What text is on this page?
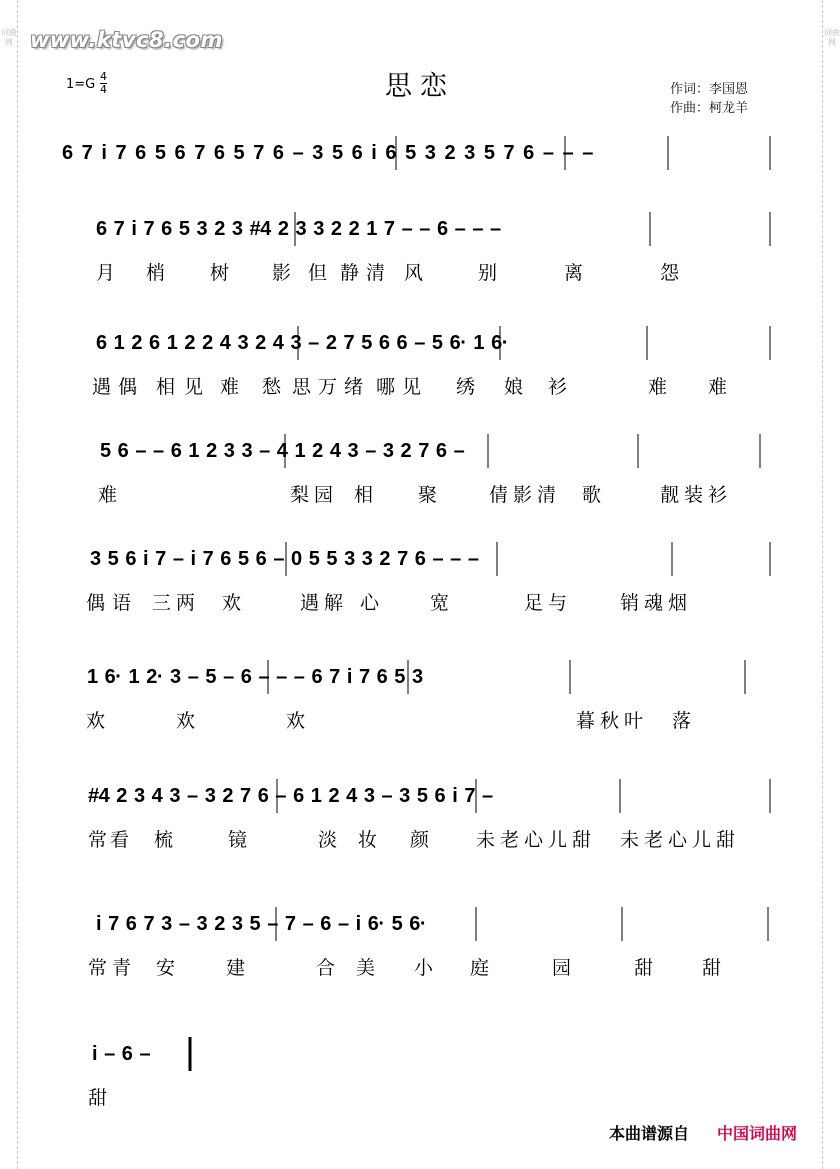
词曲网
词曲网
www.ktvc8.com
思恋
$1=G \frac{4}{4}$	作词：李国恩
作曲：柯龙羊
6 7 i 7 6 5 6 7 6 5 7 6 – 3 5 6 i 6 5 3 2 3 5 7 6 – – –
6 7 i 7 6 5 3 2 3 #4 2 3 3 2 2 1 7 – – 6 – – –
月 梢 树 影 但 静 清 风	别	离	怨
6 1 2 6 1 2 2 4 3 2 4 3 – 2 7 5 6 6 – 5 6· 1 6·
遇 偶 相 见 难 愁 思 万 绪 哪 见 绣 娘 衫	难 难
5 6 – – 6 1 2 3 3 – 4 1 2 4 3 – 3 2 7 6 –
难	梨 园 相 聚	倩 影 清 歌	靓 装 衫
3 5 6 i 7 – i 7 6 5 6 – 0 5 5 3 3 2 7 6 – – –
偶 语 三 两 欢	遇 解 心	宽	足 与	销 魂 烟
1 6· 1 2· 3 – 5 – 6 – – – 6 7 i 7 6 5 3
欢	欢	欢	暮 秋 叶 落
#4 2 3 4 3 – 3 2 7 6 – 6 1 2 4 3 – 3 5 6 i 7 –
常 看 梳	镜	淡 妆 颜 未 老 心 儿 甜 未 老 心 儿 甜
i 7 6 7 3 – 3 2 3 5 – 7 – 6 – i 6· 5 6·
常 青 安	建	合 美 小 庭	园	甜	甜
i – 6 –
甜
本曲谱源自 中国词曲网
